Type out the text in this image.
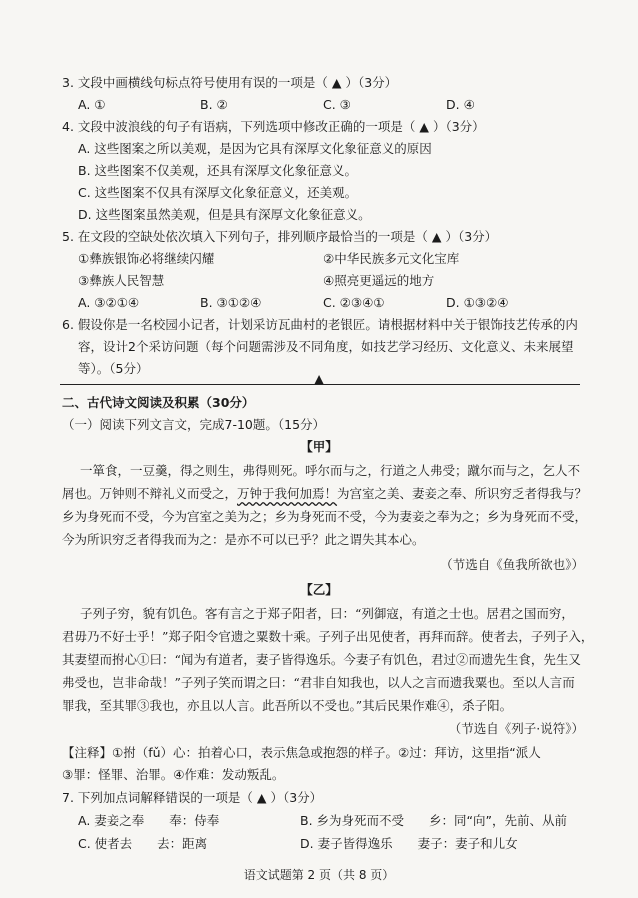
3. 文段中画横线句标点符号使用有误的一项是（ ▲ ）（3分）
A. ①	B. ②	C. ③	D. ④
4. 文段中波浪线的句子有语病，下列选项中修改正确的一项是（ ▲ ）（3分）
A. 这些图案之所以美观，是因为它具有深厚文化象征意义的原因
B. 这些图案不仅美观，还具有深厚文化象征意义。
C. 这些图案不仅具有深厚文化象征意义，还美观。
D. 这些图案虽然美观，但是具有深厚文化象征意义。
5. 在文段的空缺处依次填入下列句子，排列顺序最恰当的一项是（ ▲ ）（3分）
①彝族银饰必将继续闪耀	②中华民族多元文化宝库
③彝族人民智慧	④照亮更遥远的地方
A. ③②①④	B. ③①②④	C. ②③④①	D. ①③②④
6. 假设你是一名校园小记者，计划采访瓦曲村的老银匠。请根据材料中关于银饰技艺传承的内
容，设计2个采访问题（每个问题需涉及不同角度，如技艺学习经历、文化意义、未来展望
等）。（5分）
▲
二、古代诗文阅读及积累（30分）
（一）阅读下列文言文，完成7-10题。（15分）
【甲】
一箪食，一豆羹，得之则生，弗得则死。呼尔而与之，行道之人弗受；蹴尔而与之，乞人不
屑也。万钟则不辩礼义而受之，万钟于我何加焉！为宫室之美、妻妾之奉、所识穷乏者得我与？
乡为身死而不受，今为宫室之美为之；乡为身死而不受，今为妻妾之奉为之；乡为身死而不受，
今为所识穷乏者得我而为之：是亦不可以已乎？此之谓失其本心。
（节选自《鱼我所欲也》）
【乙】
子列子穷，貌有饥色。客有言之于郑子阳者，曰：“列御寇，有道之士也。居君之国而穷，
君毋乃不好士乎！”郑子阳令官遗之粟数十乘。子列子出见使者，再拜而辞。使者去，子列子入，
其妻望而拊心①曰：“闻为有道者，妻子皆得逸乐。今妻子有饥色，君过②而遗先生食，先生又
弗受也，岂非命哉！”子列子笑而谓之曰：“君非自知我也，以人之言而遗我粟也。至以人言而
罪我，至其罪③我也，亦且以人言。此吾所以不受也。”其后民果作难④，杀子阳。
（节选自《列子·说符》）
【注释】①拊（fǔ）心：拍着心口，表示焦急或抱怨的样子。②过：拜访，这里指“派人
③罪：怪罪、治罪。④作难：发动叛乱。
7. 下列加点词解释错误的一项是（ ▲ ）（3分）
A. 妻妾之奉　　奉：侍奉	B. 乡为身死而不受　　乡：同“向”，先前、从前
C. 使者去　　去：距离	D. 妻子皆得逸乐　　妻子：妻子和儿女
语文试题第 2 页（共 8 页）
